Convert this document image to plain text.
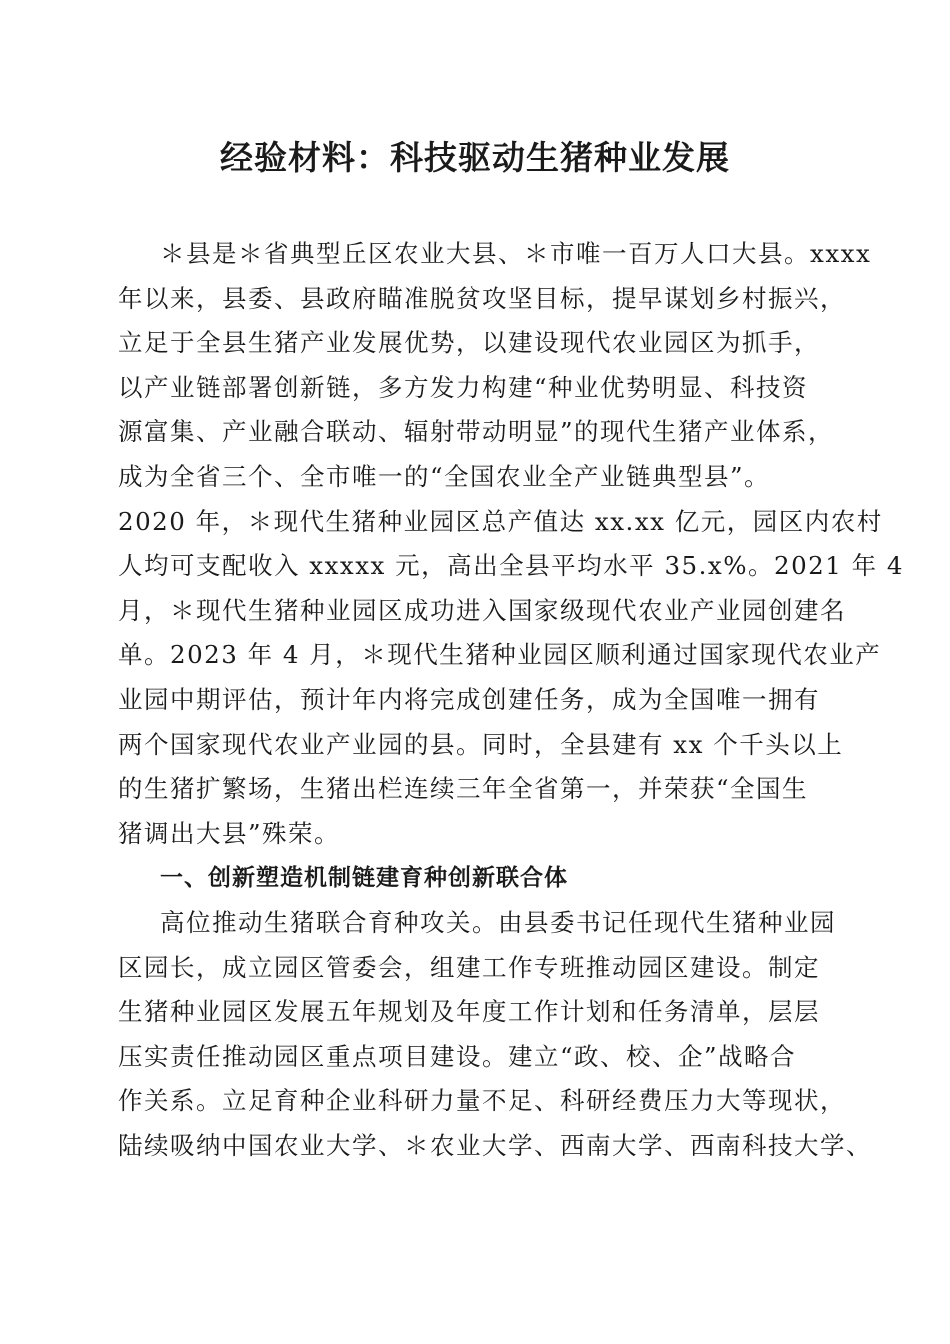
经验材料：科技驱动生猪种业发展
＊县是＊省典型丘区农业大县、＊市唯一百万人口大县。xxxx
年以来，县委、县政府瞄准脱贫攻坚目标，提早谋划乡村振兴，
立足于全县生猪产业发展优势，以建设现代农业园区为抓手，
以产业链部署创新链，多方发力构建“种业优势明显、科技资
源富集、产业融合联动、辐射带动明显”的现代生猪产业体系，
成为全省三个、全市唯一的“全国农业全产业链典型县”。
2020 年，＊现代生猪种业园区总产值达 xx.xx 亿元，园区内农村
人均可支配收入 xxxxx 元，高出全县平均水平 35.x%。2021 年 4
月，＊现代生猪种业园区成功进入国家级现代农业产业园创建名
单。2023 年 4 月，＊现代生猪种业园区顺利通过国家现代农业产
业园中期评估，预计年内将完成创建任务，成为全国唯一拥有
两个国家现代农业产业园的县。同时，全县建有 xx 个千头以上
的生猪扩繁场，生猪出栏连续三年全省第一，并荣获“全国生
猪调出大县”殊荣。
一、创新塑造机制链建育种创新联合体
高位推动生猪联合育种攻关。由县委书记任现代生猪种业园
区园长，成立园区管委会，组建工作专班推动园区建设。制定
生猪种业园区发展五年规划及年度工作计划和任务清单，层层
压实责任推动园区重点项目建设。建立“政、校、企”战略合
作关系。立足育种企业科研力量不足、科研经费压力大等现状，
陆续吸纳中国农业大学、＊农业大学、西南大学、西南科技大学、
